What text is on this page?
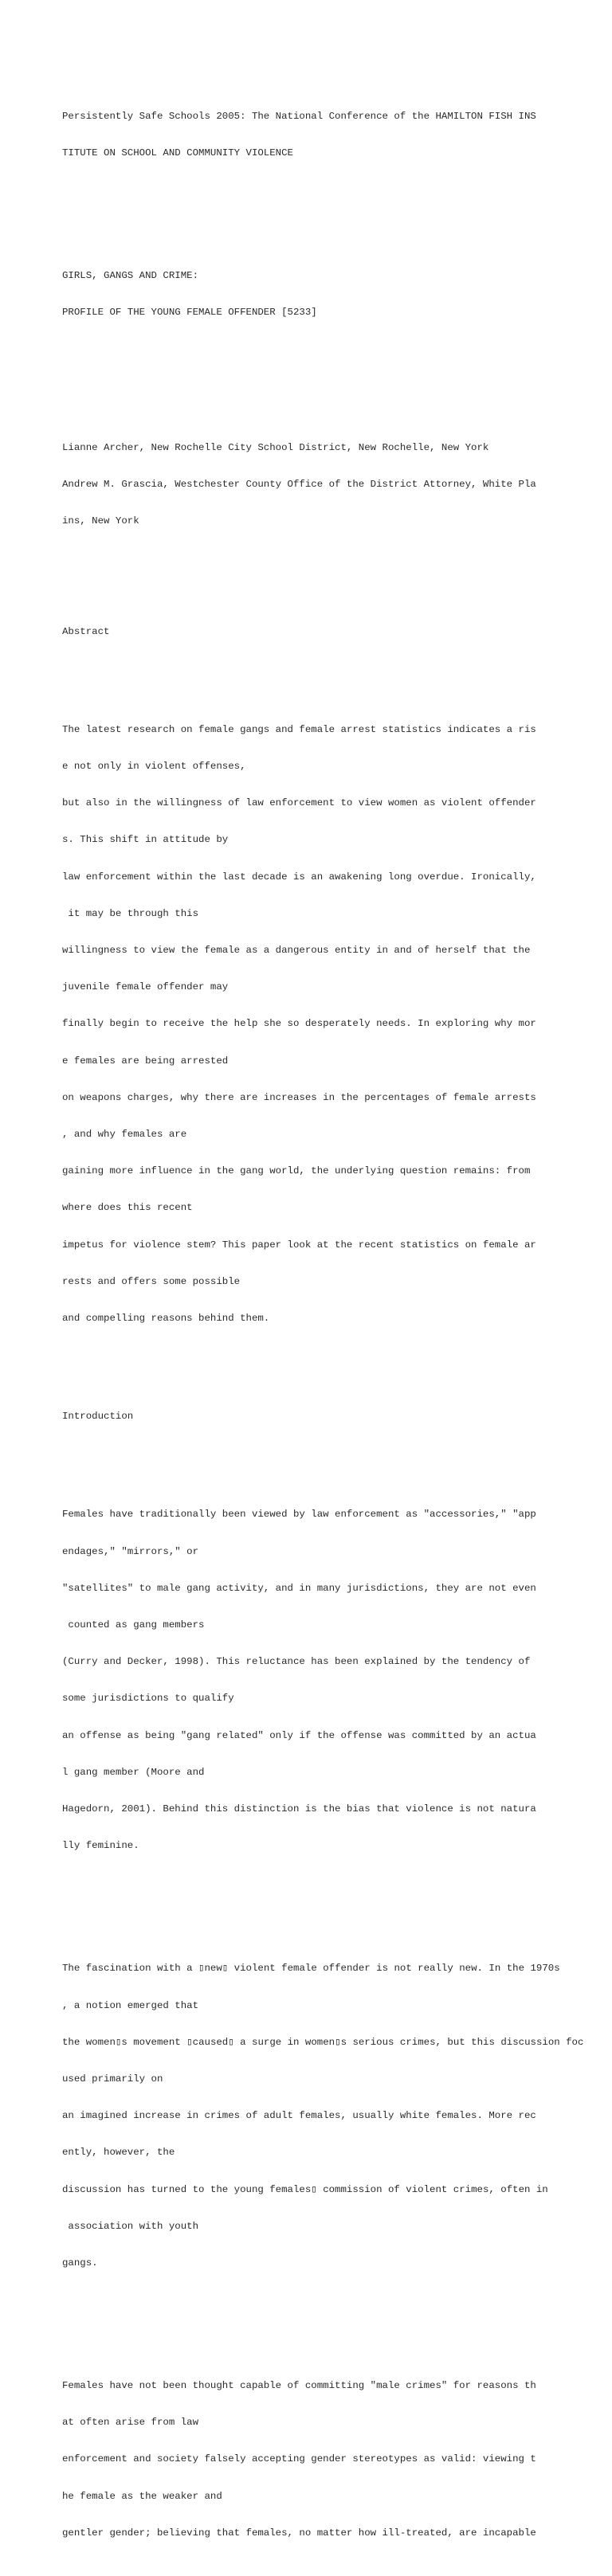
Persistently Safe Schools 2005: The National Conference of the HAMILTON FISH INS

TITUTE ON SCHOOL AND COMMUNITY VIOLENCE

GIRLS, GANGS AND CRIME:

PROFILE OF THE YOUNG FEMALE OFFENDER [5233]

Lianne Archer, New Rochelle City School District, New Rochelle, New York

Andrew M. Grascia, Westchester County Office of the District Attorney, White Pla

ins, New York

Abstract

The latest research on female gangs and female arrest statistics indicates a ris

e not only in violent offenses,

but also in the willingness of law enforcement to view women as violent offender

s. This shift in attitude by

law enforcement within the last decade is an awakening long overdue. Ironically,

it may be through this

willingness to view the female as a dangerous entity in and of herself that the

juvenile female offender may

finally begin to receive the help she so desperately needs. In exploring why mor

e females are being arrested

on weapons charges, why there are increases in the percentages of female arrests

, and why females are

gaining more influence in the gang world, the underlying question remains: from

where does this recent

impetus for violence stem? This paper look at the recent statistics on female ar

rests and offers some possible

and compelling reasons behind them.

Introduction

Females have traditionally been viewed by law enforcement as "accessories," "app

endages," "mirrors," or

"satellites" to male gang activity, and in many jurisdictions, they are not even

counted as gang members

(Curry and Decker, 1998). This reluctance has been explained by the tendency of

some jurisdictions to qualify

an offense as being "gang related" only if the offense was committed by an actua

l gang member (Moore and

Hagedorn, 2001). Behind this distinction is the bias that violence is not natura

lly feminine.

The fascination with a ▯new▯ violent female offender is not really new. In the 1970s

, a notion emerged that

the women▯s movement ▯caused▯ a surge in women▯s serious crimes, but this discussion foc

used primarily on

an imagined increase in crimes of adult females, usually white females. More rec

ently, however, the

discussion has turned to the young females▯ commission of violent crimes, often in

association with youth

gangs.

Females have not been thought capable of committing "male crimes" for reasons th

at often arise from law

enforcement and society falsely accepting gender stereotypes as valid: viewing t

he female as the weaker and

gentler gender; believing that females, no matter how ill-treated, are incapable
